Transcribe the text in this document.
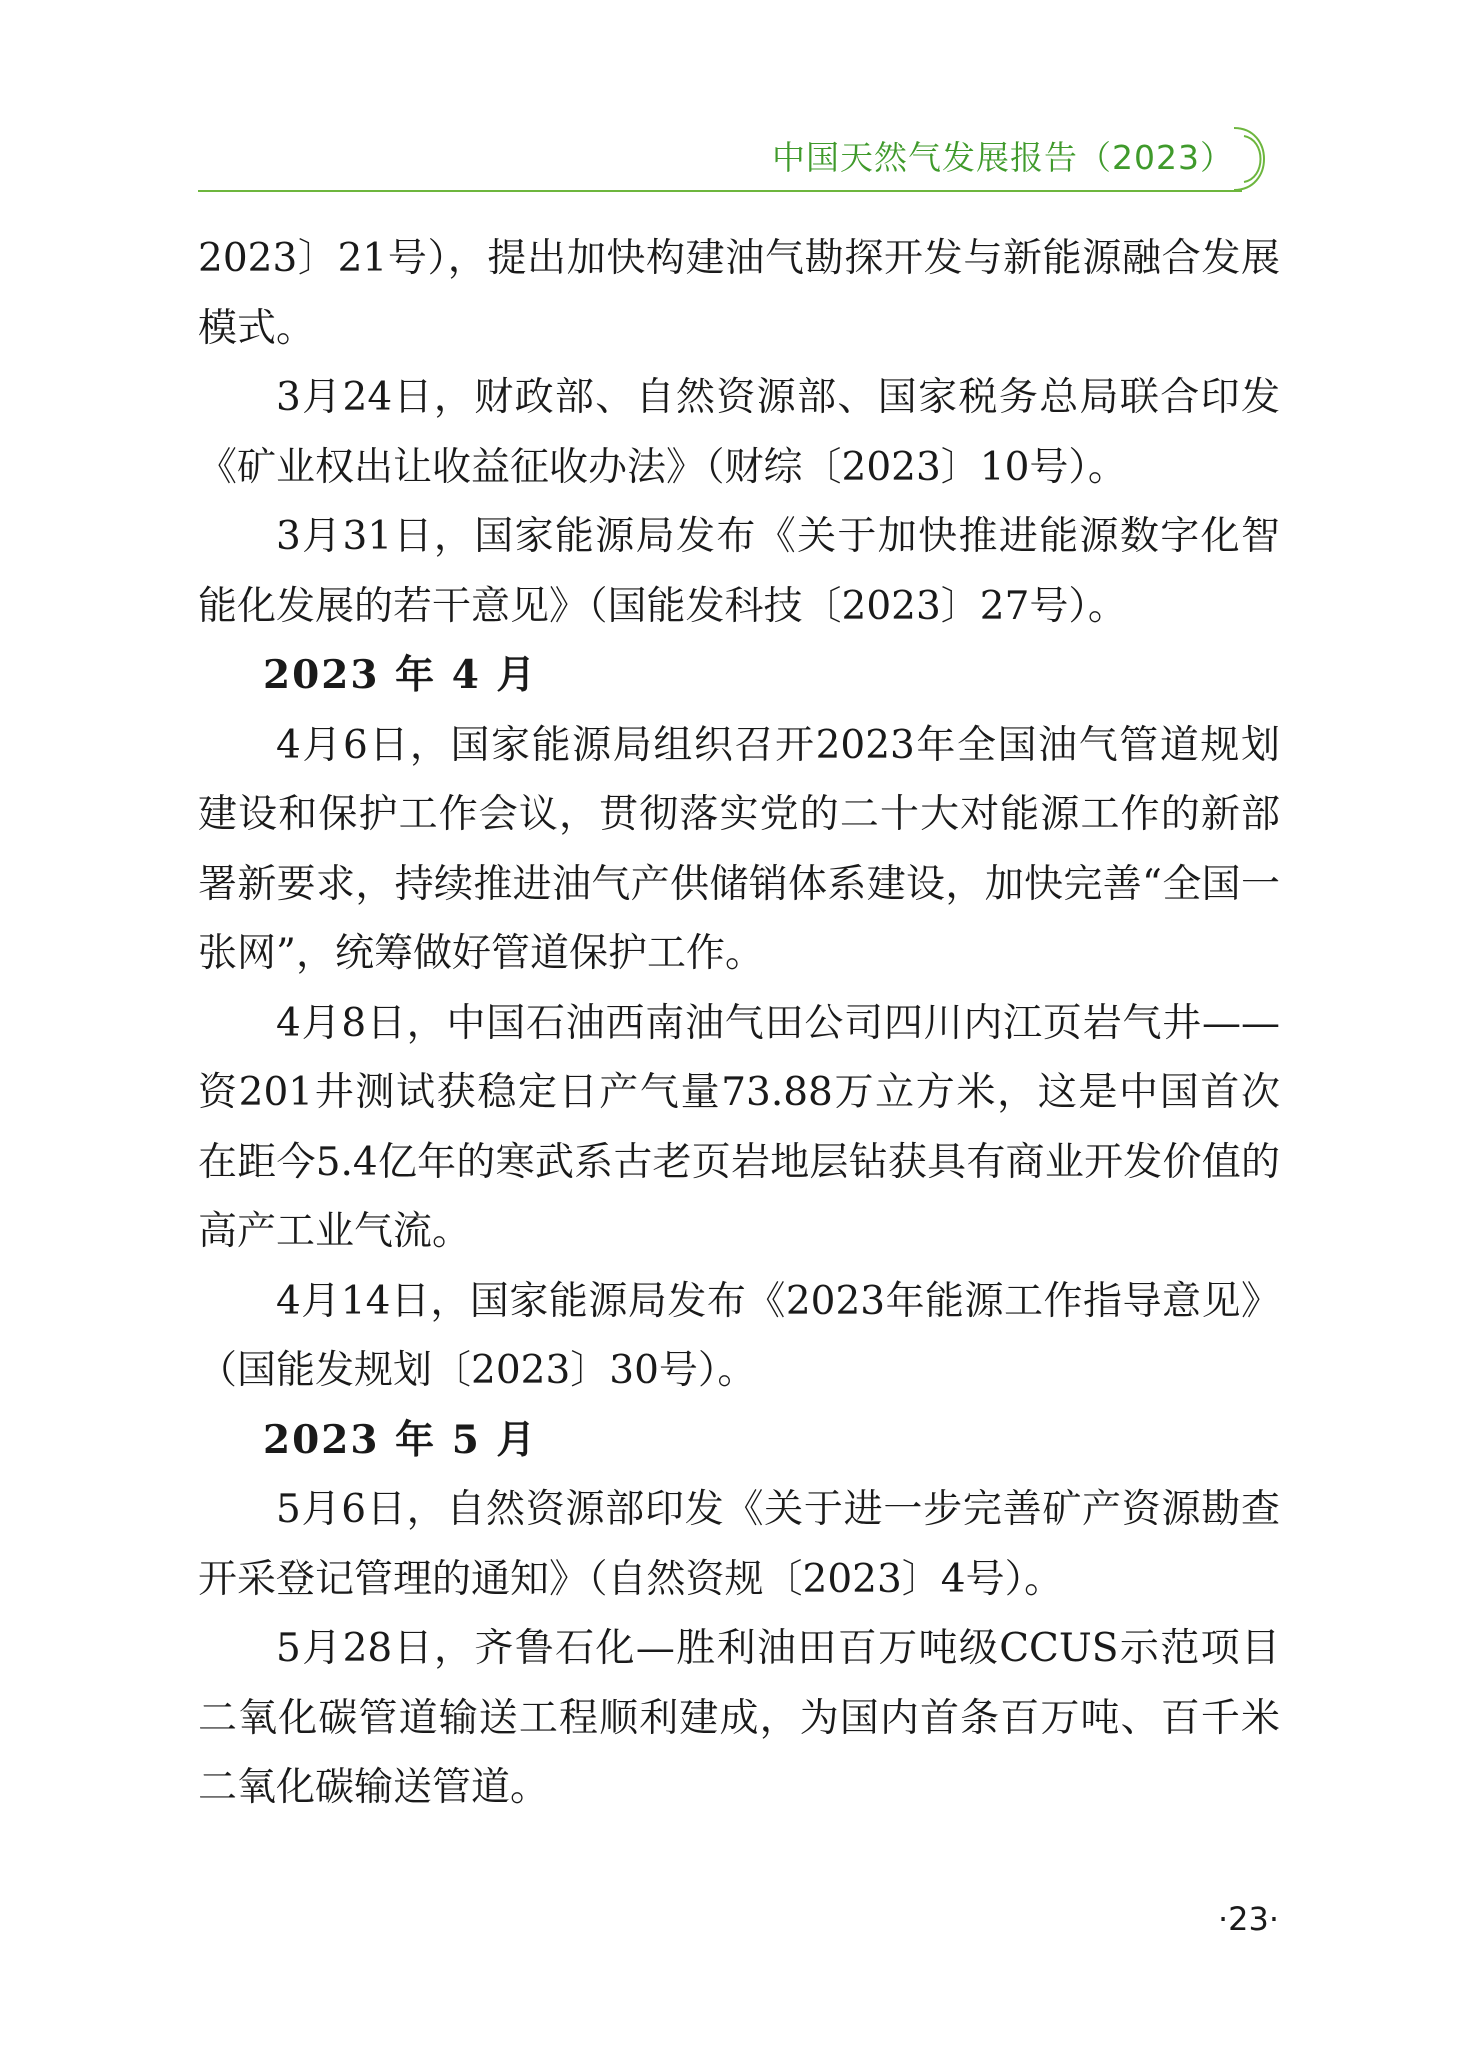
中国天然气发展报告（2023）

2023〕21号），提出加快构建油气勘探开发与新能源融合发展模式。

3月24日，财政部、自然资源部、国家税务总局联合印发《矿业权出让收益征收办法》（财综〔2023〕10号）。

3月31日，国家能源局发布《关于加快推进能源数字化智能化发展的若干意见》（国能发科技〔2023〕27号）。

2023 年 4 月

4月6日，国家能源局组织召开2023年全国油气管道规划建设和保护工作会议，贯彻落实党的二十大对能源工作的新部署新要求，持续推进油气产供储销体系建设，加快完善“全国一张网”，统筹做好管道保护工作。

4月8日，中国石油西南油气田公司四川内江页岩气井——资201井测试获稳定日产气量73.88万立方米，这是中国首次在距今5.4亿年的寒武系古老页岩地层钻获具有商业开发价值的高产工业气流。

4月14日，国家能源局发布《2023年能源工作指导意见》（国能发规划〔2023〕30号）。

2023 年 5 月

5月6日，自然资源部印发《关于进一步完善矿产资源勘查开采登记管理的通知》（自然资规〔2023〕4号）。

5月28日，齐鲁石化—胜利油田百万吨级CCUS示范项目二氧化碳管道输送工程顺利建成，为国内首条百万吨、百千米二氧化碳输送管道。

·23·
